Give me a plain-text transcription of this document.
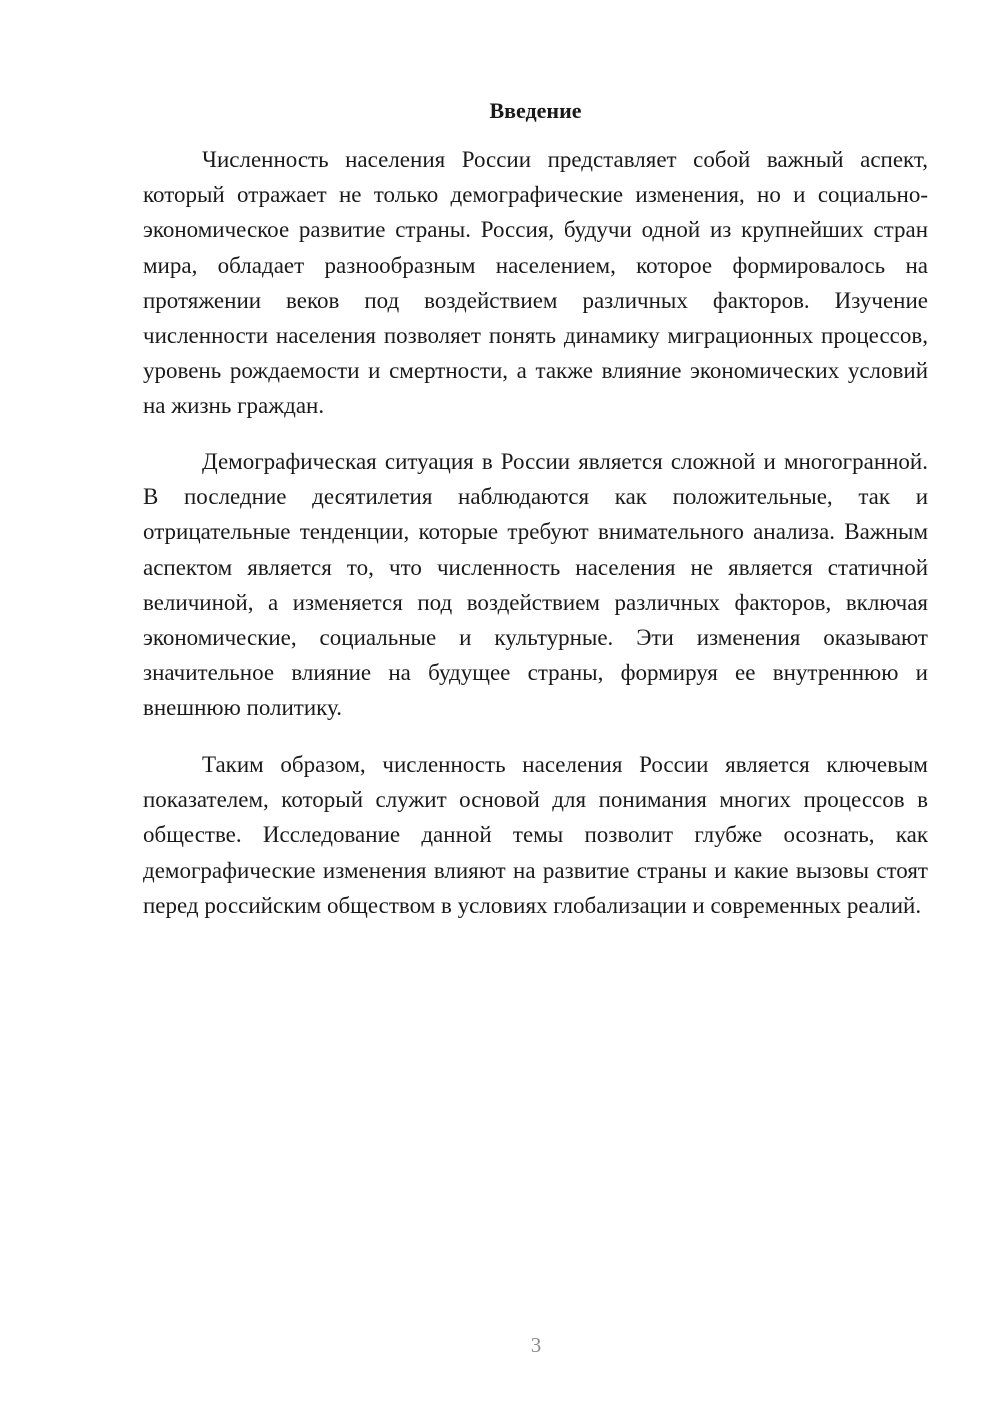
Введение

Численность населения России представляет собой важный аспект, который отражает не только демографические изменения, но и социально-экономическое развитие страны. Россия, будучи одной из крупнейших стран мира, обладает разнообразным населением, которое формировалось на протяжении веков под воздействием различных факторов. Изучение численности населения позволяет понять динамику миграционных процессов, уровень рождаемости и смертности, а также влияние экономических условий на жизнь граждан.

Демографическая ситуация в России является сложной и многогранной. В последние десятилетия наблюдаются как положительные, так и отрицательные тенденции, которые требуют внимательного анализа. Важным аспектом является то, что численность населения не является статичной величиной, а изменяется под воздействием различных факторов, включая экономические, социальные и культурные. Эти изменения оказывают значительное влияние на будущее страны, формируя ее внутреннюю и внешнюю политику.

Таким образом, численность населения России является ключевым показателем, который служит основой для понимания многих процессов в обществе. Исследование данной темы позволит глубже осознать, как демографические изменения влияют на развитие страны и какие вызовы стоят перед российским обществом в условиях глобализации и современных реалий.

3
